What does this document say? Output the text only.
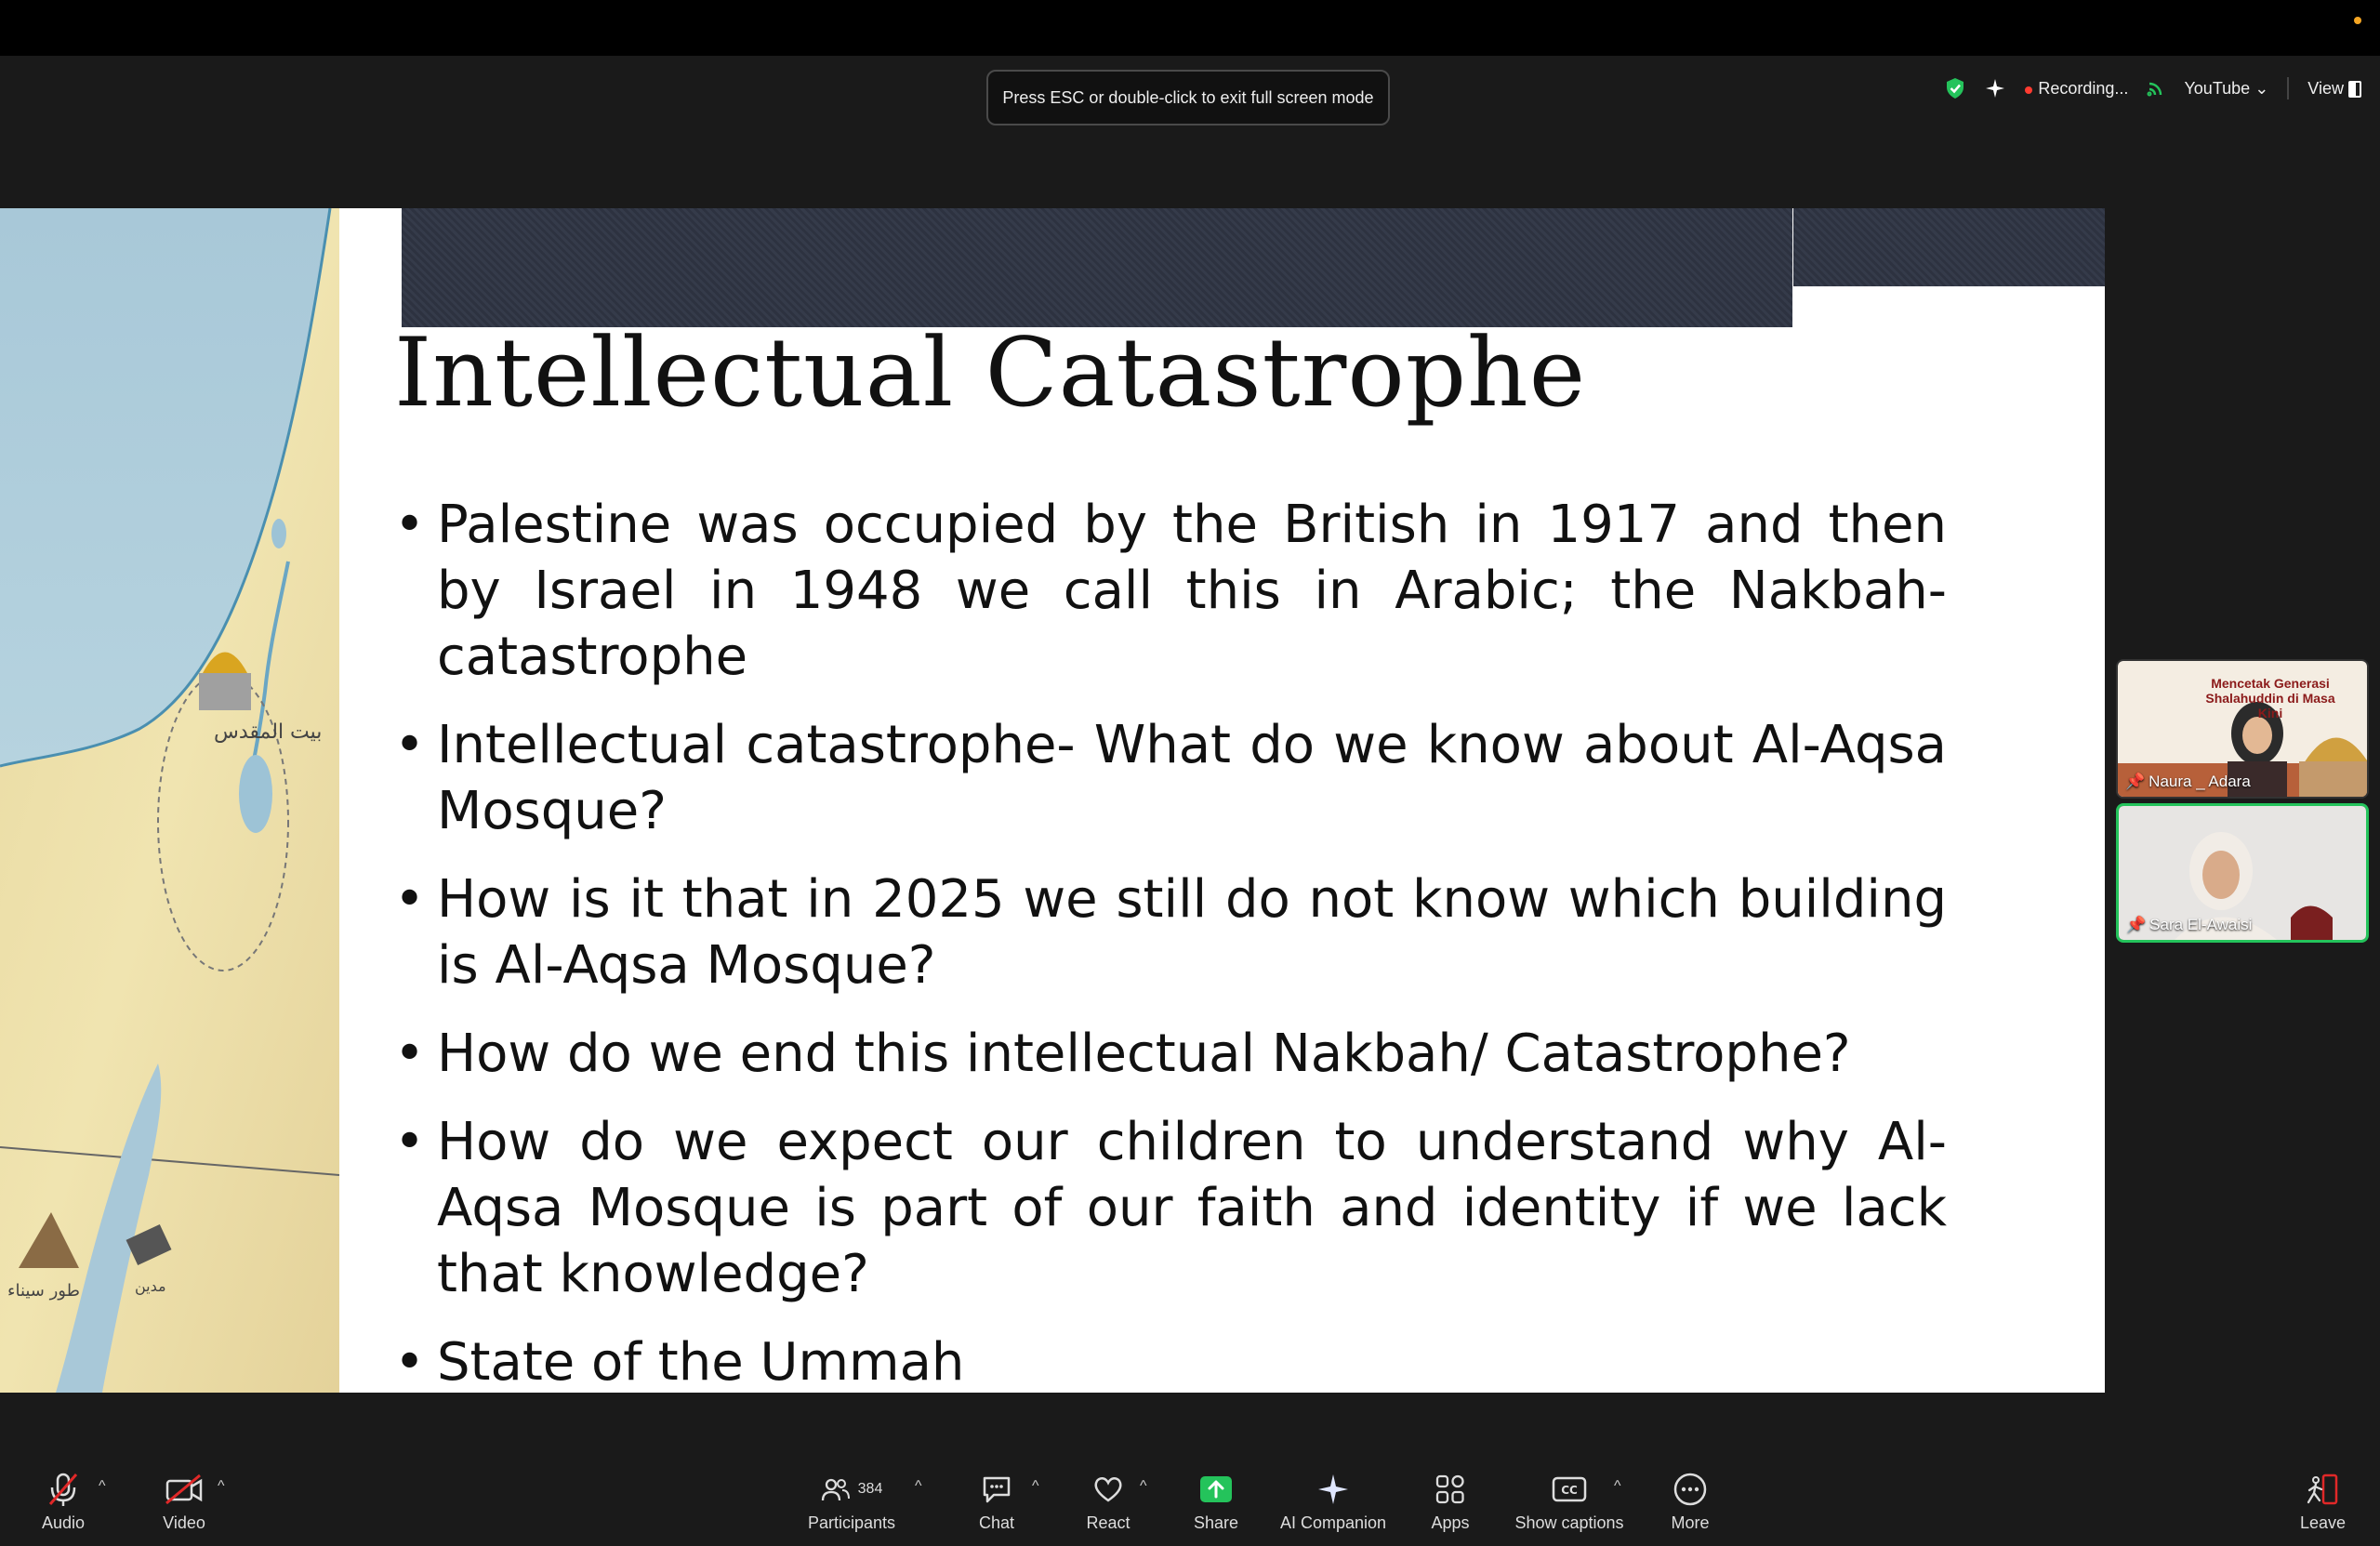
Press ESC or double-click to exit full screen mode	Recording...	YouTube ⌄ View
بيت المقدس
طور سيناء	مدين
Intellectual Catastrophe
• Palestine was occupied by the British in 1917 and then by Israel in 1948 we call this in Arabic; the Nakbah- catastrophe
• Intellectual catastrophe- What do we know about Al-Aqsa Mosque?
• How is it that in 2025 we still do not know which building is Al-Aqsa Mosque?
• How do we end this intellectual Nakbah/ Catastrophe?
• How do we expect our children to understand why Al-Aqsa Mosque is part of our faith and identity if we lack that knowledge?
• State of the Ummah
Mencetak Generasi Shalahuddin di Masa Kini
📌 Naura _ Adara
📌 Sara El-Awaisi
Audio
^
Video
^	384
Participants
^
Chat
^
React
^
Share AI Companion	Apps
CC
Show captions
^
More	Leave
